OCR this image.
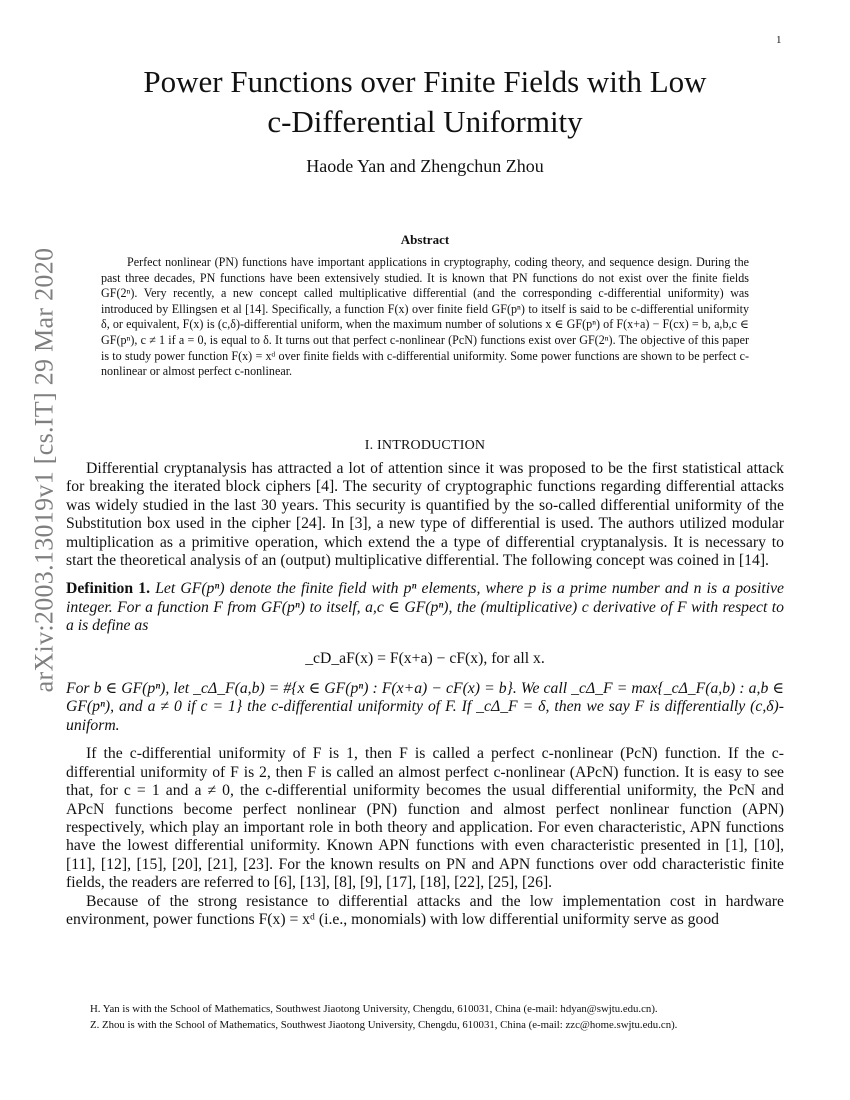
1
arXiv:2003.13019v1 [cs.IT] 29 Mar 2020
Power Functions over Finite Fields with Low
c-Differential Uniformity
Haode Yan and Zhengchun Zhou
Abstract
Perfect nonlinear (PN) functions have important applications in cryptography, coding theory, and sequence design. During the past three decades, PN functions have been extensively studied. It is known that PN functions do not exist over the finite fields GF(2ⁿ). Very recently, a new concept called multiplicative differential (and the corresponding c-differential uniformity) was introduced by Ellingsen et al [14]. Specifically, a function F(x) over finite field GF(pⁿ) to itself is said to be c-differential uniformity δ, or equivalent, F(x) is (c,δ)-differential uniform, when the maximum number of solutions x ∈ GF(pⁿ) of F(x+a) − F(cx) = b, a,b,c ∈ GF(pⁿ), c ≠ 1 if a = 0, is equal to δ. It turns out that perfect c-nonlinear (PcN) functions exist over GF(2ⁿ). The objective of this paper is to study power function F(x) = xᵈ over finite fields with c-differential uniformity. Some power functions are shown to be perfect c-nonlinear or almost perfect c-nonlinear.
I. INTRODUCTION

Differential cryptanalysis has attracted a lot of attention since it was proposed to be the first statistical attack for breaking the iterated block ciphers [4]. The security of cryptographic functions regarding differential attacks was widely studied in the last 30 years. This security is quantified by the so-called differential uniformity of the Substitution box used in the cipher [24]. In [3], a new type of differential is used. The authors utilized modular multiplication as a primitive operation, which extend the a type of differential cryptanalysis. It is necessary to start the theoretical analysis of an (output) multiplicative differential. The following concept was coined in [14].

Definition 1. Let GF(pⁿ) denote the finite field with pⁿ elements, where p is a prime number and n is a positive integer. For a function F from GF(pⁿ) to itself, a,c ∈ GF(pⁿ), the (multiplicative) c derivative of F with respect to a is define as

_cD_aF(x) = F(x+a) − cF(x), for all x.

For b ∈ GF(pⁿ), let _cΔ_F(a,b) = #{x ∈ GF(pⁿ) : F(x+a) − cF(x) = b}. We call _cΔ_F = max{_cΔ_F(a,b) : a,b ∈ GF(pⁿ), and a ≠ 0 if c = 1} the c-differential uniformity of F. If _cΔ_F = δ, then we say F is differentially (c,δ)-uniform.

If the c-differential uniformity of F is 1, then F is called a perfect c-nonlinear (PcN) function. If the c-differential uniformity of F is 2, then F is called an almost perfect c-nonlinear (APcN) function. It is easy to see that, for c = 1 and a ≠ 0, the c-differential uniformity becomes the usual differential uniformity, the PcN and APcN functions become perfect nonlinear (PN) function and almost perfect nonlinear function (APN) respectively, which play an important role in both theory and application. For even characteristic, APN functions have the lowest differential uniformity. Known APN functions with even characteristic presented in [1], [10], [11], [12], [15], [20], [21], [23]. For the known results on PN and APN functions over odd characteristic finite fields, the readers are referred to [6], [13], [8], [9], [17], [18], [22], [25], [26].

Because of the strong resistance to differential attacks and the low implementation cost in hardware environment, power functions F(x) = xᵈ (i.e., monomials) with low differential uniformity serve as good

H. Yan is with the School of Mathematics, Southwest Jiaotong University, Chengdu, 610031, China (e-mail: hdyan@swjtu.edu.cn).

Z. Zhou is with the School of Mathematics, Southwest Jiaotong University, Chengdu, 610031, China (e-mail: zzc@home.swjtu.edu.cn).
